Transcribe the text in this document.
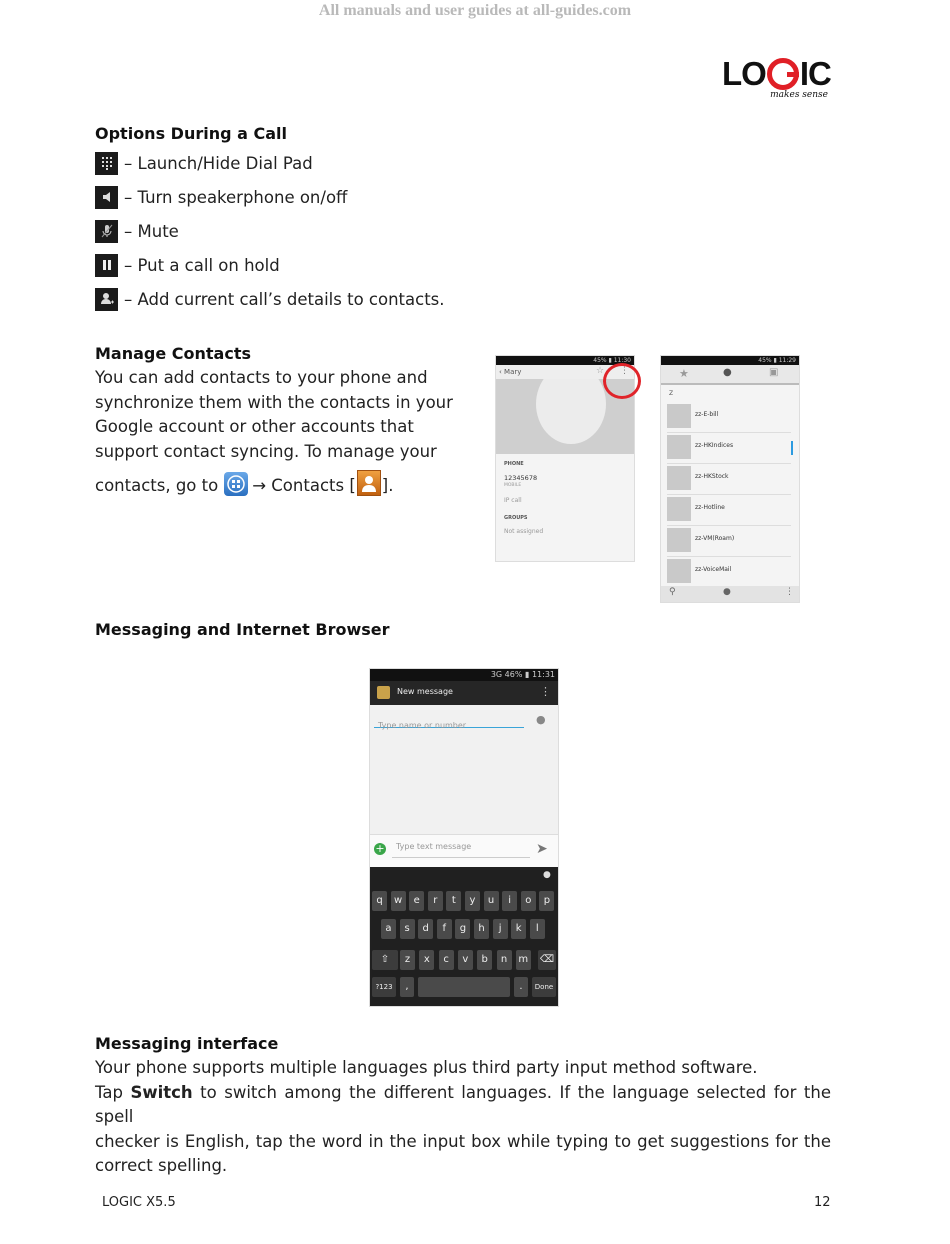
All manuals and user guides at all-guides.com
LO IC
makes sense
Options During a Call
– Launch/Hide Dial Pad
– Turn speakerphone on/off
– Mute
– Put a call on hold
– Add current call’s details to contacts.
Manage Contacts
You can add contacts to your phone and
synchronize them with the contacts in your
Google account or other accounts that
support contact syncing. To manage your
contacts, go to → Contacts [ ].
45% ▮ 11:30
‹ Mary	☆ ⋮
PHONE
12345678
MOBILE
IP call
GROUPS
Not assigned
45% ▮ 11:29
★	●	▣
Z
zz-E-bill
zz-HKIndices
zz-HKStock
zz-Hotline
zz-VM(Roam)
zz-VoiceMail
⚲	●	⋮
Messaging and Internet Browser
3G 46% ▮ 11:31
New message	⋮
Type name or number	●
+ Type text message	➤
●
⇧	⌫
?123	,	.	Done
q	w	e	r	t	y	u	i	o	p
a	s	d	f	g	h	j	k	l
z	x	c	v	b	n	m
Messaging interface
Your phone supports multiple languages plus third party input method software.
Tap Switch to switch among the different languages. If the language selected for the spell
checker is English, tap the word in the input box while typing to get suggestions for the
correct spelling.
LOGIC X5.5	12
